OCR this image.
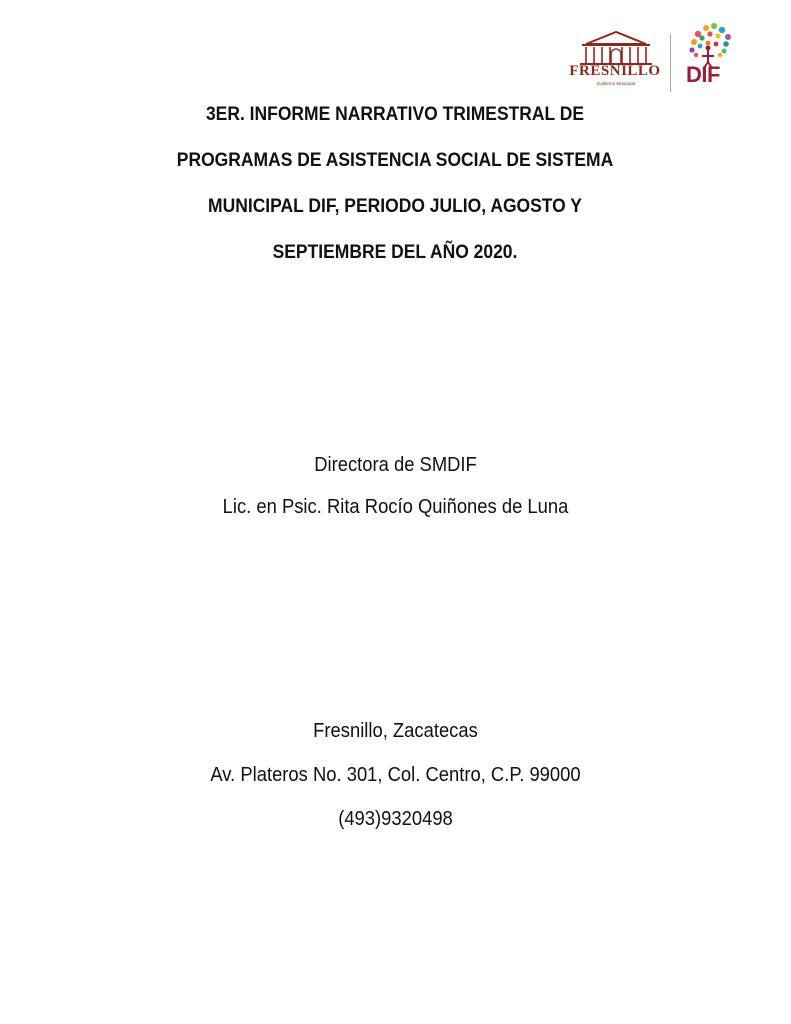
FRESNILLO
Gobierno Municipal	DIF
3ER. INFORME NARRATIVO TRIMESTRAL DE
PROGRAMAS DE ASISTENCIA SOCIAL DE SISTEMA
MUNICIPAL DIF, PERIODO JULIO, AGOSTO Y
SEPTIEMBRE DEL AÑO 2020.
Directora de SMDIF
Lic. en Psic. Rita Rocío Quiñones de Luna
Fresnillo, Zacatecas
Av. Plateros No. 301, Col. Centro, C.P. 99000
(493)9320498
